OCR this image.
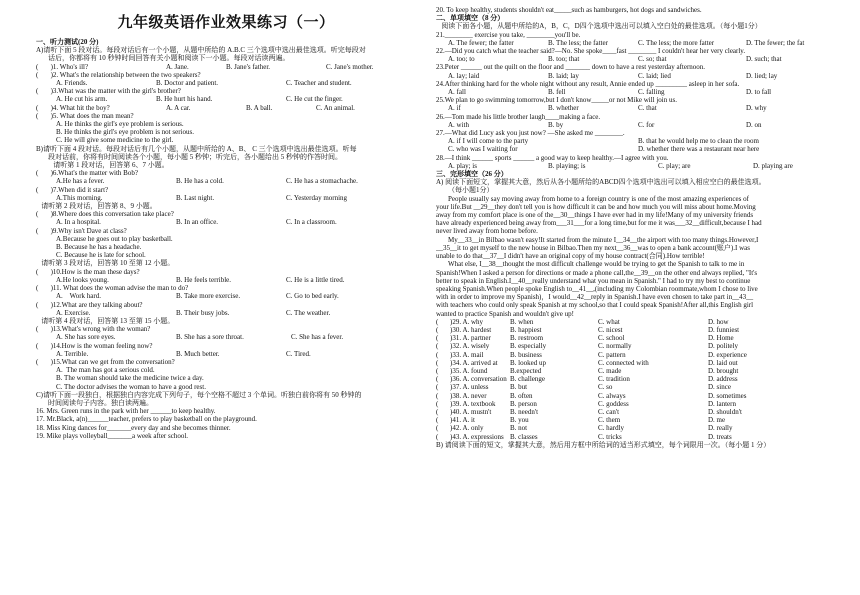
九年级英语作业效果练习（一）
一、听力测试(20 分)
A)请听下面 5 段对话。每段对话后有一个小题，从题中所给的 A.B.C 三个选项中选出最佳选项。听完每段对
话后，你都将有 10 秒钟时间回答有关小题和阅读下一小题。每段对话读两遍。
(       )1. Who's ill?	A. Jane.	B. Jane's father.	C. Jane's mother.
(       )2. What's the relationship between the two speakers?
A. Friends.	B. Doctor and patient.	C. Teacher and student.
(       )3.What was the matter with the girl's brother?
A. He cut his arm.	B. He hurt his hand.	C. He cut the finger.
(       )4. What hit the boy?	A. A car.	B. A ball.	C. An animal.
(       )5. What does the man mean?
A. He thinks the girl's eye problem is serious.
B. He thinks the girl's eye problem is not serious.
C. He will give some medicine to the girl.
B)请听下面 4 段对话。每段对话后有几个小题，从题中所给的 A、B、 C 三个选项中选出最佳选项。听每
段对话前，你将有时间阅读各个小题，每小题 5 秒钟；听完后，各小题给出 5 秒钟的作答时间。
请听第 1 段对话，回答第 6、7 小题。
(       )6.What's the matter with Bob?
A.He has a fever.	B. He has a cold.	C. He has a stomachache.
(       )7.When did it start?
A.This morning.	B. Last night.	C. Yesterday morning
请听第 2 段对话，回答第 8、9 小题。
(       )8.Where does this conversation take place?
A. In a hospital.	B. In an office.	C. In a classroom.
(       )9.Why isn't Dave at class?
A.Because he goes out to play basketball.
B. Because he has a headache.
C. Because he is late for school.
请听第 3 段对话，回答第 10 至第 12 小题。
(       )10.How is the man these days?
A.He looks young.	B. He feels terrible.	C. He is a little tired.
(       )11. What does the woman advise the man to do?
A.    Work hard.	B. Take more exercise.	C. Go to bed early.
(       )12.What are they talking about?
A. Exercise.	B. Their busy jobs.	C. The weather.
请听第 4 段对话，回答第 13 至第 15 小题。
(       )13.What's wrong with the woman?
A. She has sore eyes.	B. She has a sore throat.	C. She has a fever.
(       )14.How is the woman feeling now?
A. Terrible.	B. Much better.	C. Tired.
(       )15.What can we get from the conversation?
A.  The man has got a serious cold.
B. The woman should take the medicine twice a day.
C. The doctor advises the woman to have a good rest.
C)请听下面一段独白，根据独白内容完成下列句子，每个空格不超过 3 个单词。听独白前你将有 50 秒钟的
时间阅读句子内容。独白读两遍。
16. Mrs. Green runs in the park with her ______to keep healthy.
17. Mr.Black, a(n)______teacher, prefers to play basketball on the playground.
18. Miss King dances for_______every day and she becomes thinner.
19. Mike plays volleyball_______a week after school.
20. To keep healthy, students shouldn't eat_____such as hamburgers, hot dogs and sandwiches.
二、单项填空（8 分）
阅读下面各小题，从题中所给的A，B，C，D四个选项中选出可以填入空白处的最佳选项。（每小题1分）
21.________ exercise you take, ________you'll be.
A. The fewer; the fatter	B. The less; the fatter	C. The less; the more fatter	D. The fewer; the fat
22.—Did you catch what the teacher said?—No. She spoke____fast ________ I couldn't hear her very clearly.
A. too; to	B. too; that	C. so; that	D. such; that
23.Peter ______ out the quilt on the floor and _______ down to have a rest yesterday afternoon.
A. lay; laid	B. laid; lay	C. laid; lied	D. lied; lay
24.After thinking hard for the whole night without any result, Annie ended up _________ asleep in her sofa.
A. fall	B. fell	C. falling	D. to fall
25.We plan to go swimming tomorrow,but I don't know_____or not Mike will join us.
A. if	B. whether	C. that	D. why
26.—Tom made his little brother laugh____making a face.
A. with	B. by	C. for	D. on
27.—What did Lucy ask you just now? —She asked me ________.
A. if I will come to the party	B. that he would help me to clean the room
C. who was I waiting for	D. whether there was a restaurant near here
28.—I think ______ sports ______ a good way to keep healthy.—I agree with you.
A. play; is	B. playing; is	C. play; are	D. playing are
三、完形填空（26 分）
A) 阅读下面短文，掌握其大意，然后从各小题所给的ABCD四个选项中选出可以填入相应空白的最佳选项。
（每小题1分）
People usually say moving away from home to a foreign country is one of the most amazing experiences of
your life.But __29__they don't tell you is how difficult it can be and how much you will miss about home.Moving
away from my comfort place is one of the__30__things I have ever had in my life!Many of my university friends
have already experienced being away from___31___for a long time,but for me it was___32__difficult,because I had
never lived away from home before.
My__33__in Bilbao wasn't easy!It started from the minute I__34__the airport with too many things.However,I
__35__it to get myself to the new house in Bilbao.Then my next__36__was to open a bank account(账户).I was
unable to do that__37__I didn't have an original copy of my house contract(合同).How terrible!
What else, I__38__thought the most difficult challenge would be trying to get the Spanish to talk to me in
Spanish!When I asked a person for directions or made a phone call,the__39__on the other end always replied, "It's
better to speak in English.I__40__really understand what you mean in Spanish." I had to try my best to continue
speaking Spanish.When people spoke English to__41__,(including my Colombian roommate,whom I chose to live
with in order to improve my Spanish)，I would__42__reply in Spanish.I have even chosen to take part in__43__
with teachers who could only speak Spanish at my school,so that I could speak Spanish!After all,this English girl
wanted to practice Spanish and wouldn't give up!
(	)29. A. why	B. when	C. what	D. how
(	)30. A. hardest	B. happiest	C. nicest	D. funniest
(	)31. A. partner	B. restroom	C. school	D. Home
(	)32. A. wisely	B. especially	C. normally	D. politely
(	)33. A. mail	B. business	C. pattern	D. experience
(	)34. A. arrived at	B. looked up	C. connected with	D. laid out
(	)35. A. found	B.expected	C. made	D. brought
(	)36. A. conversation B. challenge	C. tradition	D. address
(	)37. A. unless	B. but	C. so	D. since
(	)38. A. never	B. often	C. always	D. sometimes
(	)39. A. textbook	B. person	C. goddess	D. lantern
(	)40. A. mustn't	B. needn't	C. can't	D. shouldn't
(	)41. A. it	B. you	C. them	D. me
(	)42. A. only	B. not	C. hardly	D. really
(	)43. A. expressions B. classes	C. tricks	D. treats
B) 请阅读下面的短文，掌握其大意，然后用方框中所给词的适当形式填空，每个词限用一次。（每小题 1 分）
